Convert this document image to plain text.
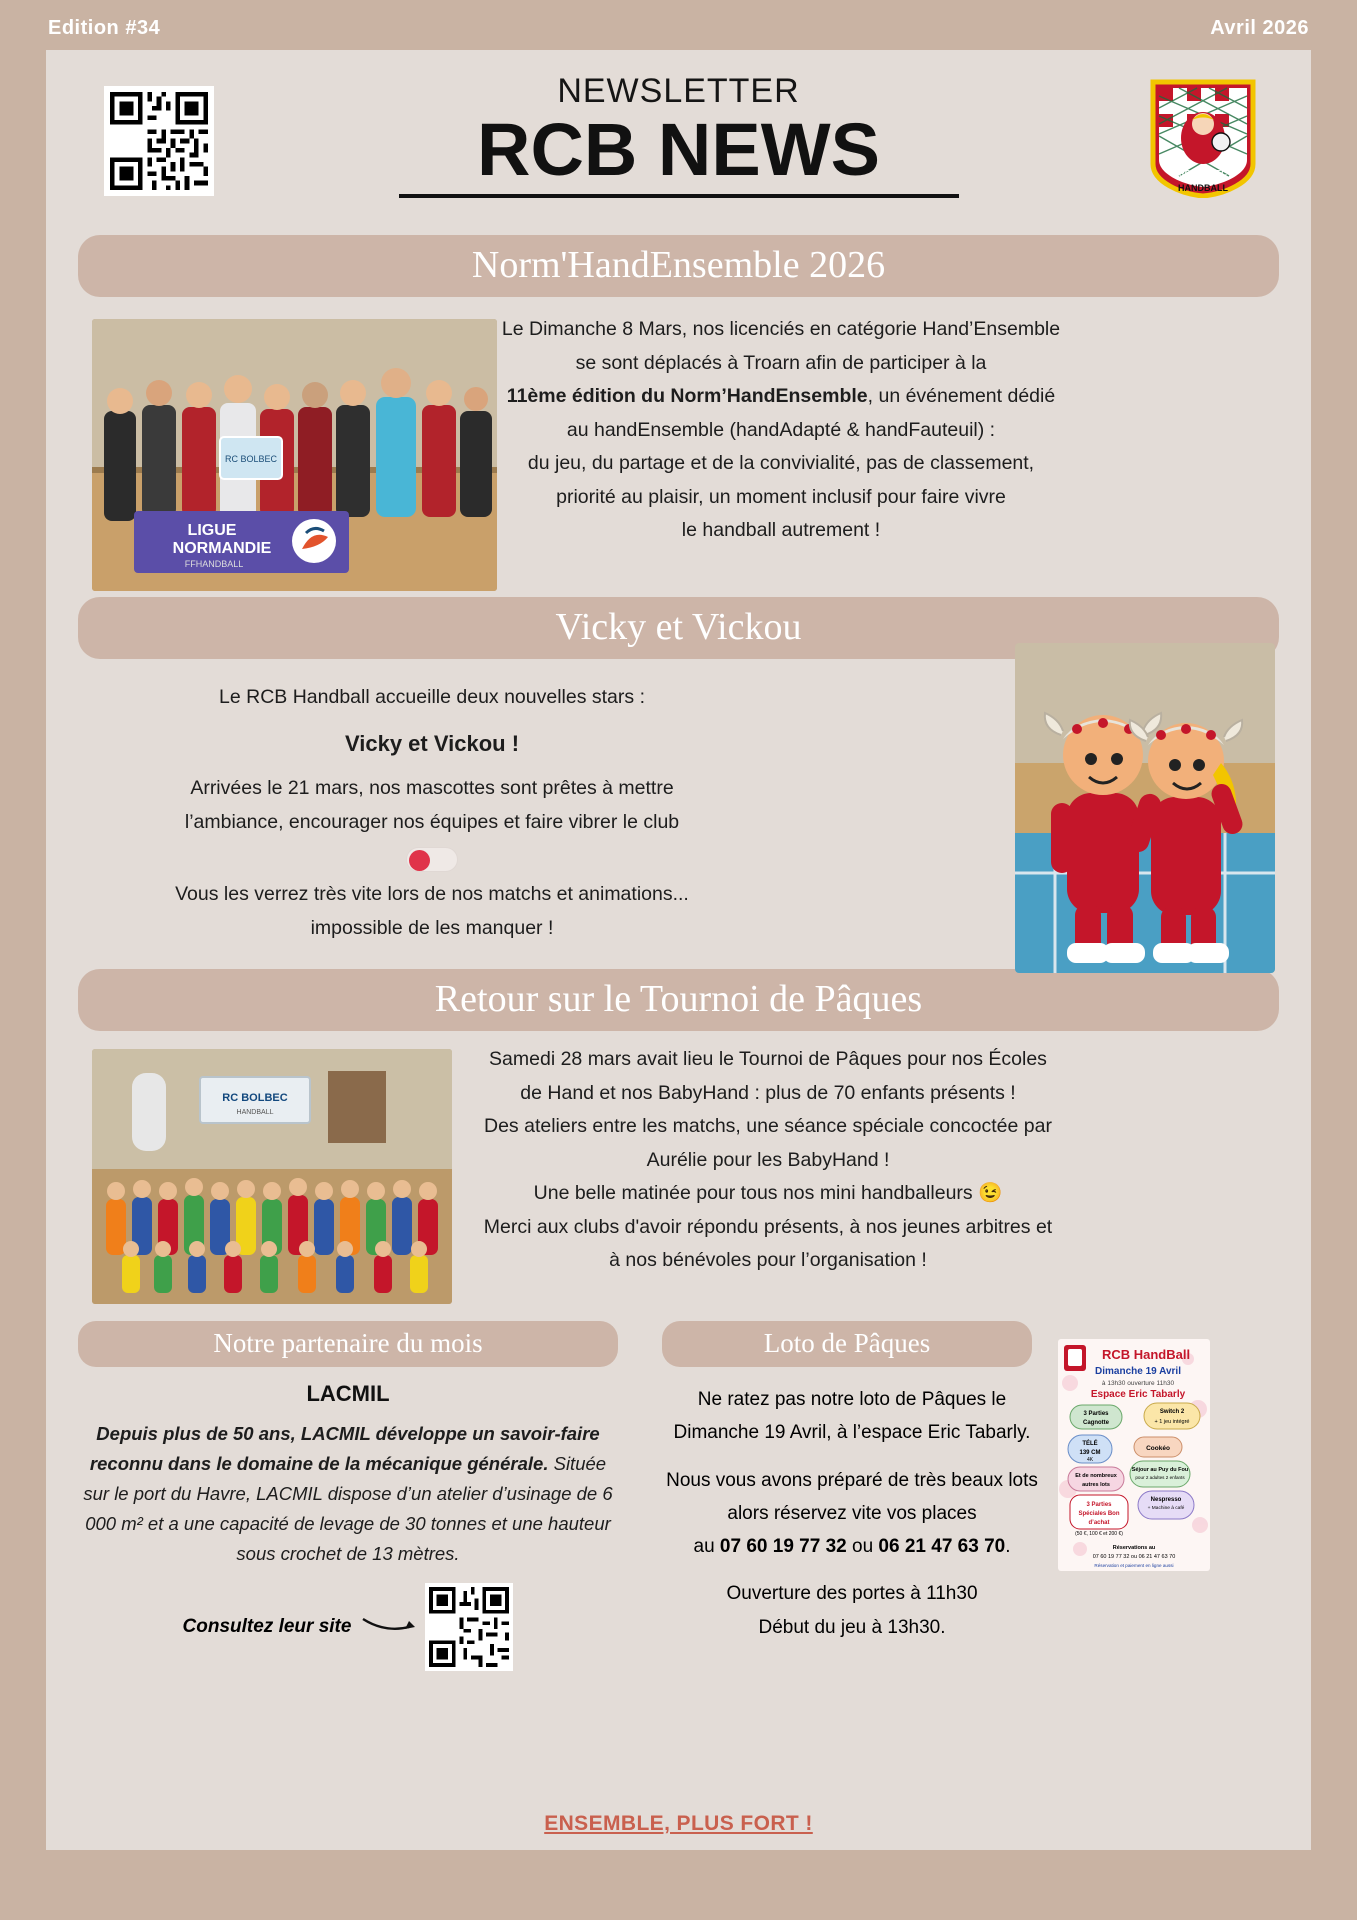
Edition #34	Avril 2026
NEWSLETTER
RCB NEWS	RC-BOLBEC
HANDBALL
Norm'HandEnsemble 2026
RC BOLBEC
LIGUE
NORMANDIE
FFHANDBALL
Le Dimanche 8 Mars, nos licenciés en catégorie Hand’Ensemble
se sont déplacés à Troarn afin de participer à la
11ème édition du Norm’HandEnsemble, un événement dédié
au handEnsemble (handAdapté & handFauteuil) :
du jeu, du partage et de la convivialité, pas de classement,
priorité au plaisir, un moment inclusif pour faire vivre
le handball autrement !
Vicky et Vickou
Le RCB Handball accueille deux nouvelles stars :
Vicky et Vickou !
Arrivées le 21 mars, nos mascottes sont prêtes à mettre
l’ambiance, encourager nos équipes et faire vibrer le club
Vous les verrez très vite lors de nos matchs et animations...
impossible de les manquer !
Retour sur le Tournoi de Pâques
RC BOLBEC
HANDBALL
Samedi 28 mars avait lieu le Tournoi de Pâques pour nos Écoles
de Hand et nos BabyHand : plus de 70 enfants présents !
Des ateliers entre les matchs, une séance spéciale concoctée par
Aurélie pour les BabyHand !
Une belle matinée pour tous nos mini handballeurs 😉
Merci aux clubs d'avoir répondu présents, à nos jeunes arbitres et
à nos bénévoles pour l’organisation !
Notre partenaire du mois
LACMIL
Depuis plus de 50 ans, LACMIL développe un savoir-faire reconnu dans le domaine de la mécanique générale. Située sur le port du Havre, LACMIL dispose d’un atelier d’usinage de 6 000 m² et a une capacité de levage de 30 tonnes et une hauteur sous crochet de 13 mètres.
Consultez leur site
Loto de Pâques
Ne ratez pas notre loto de Pâques le
Dimanche 19 Avril, à l’espace Eric Tabarly.
Nous vous avons préparé de très beaux lots
alors réservez vite vos places
au 07 60 19 77 32 ou 06 21 47 63 70.
Ouverture des portes à 11h30
Début du jeu à 13h30.
RCB HandBall
Dimanche 19 Avril
à 13h30 ouverture 11h30
Espace Eric Tabarly
3 Parties
Cagnotte
Switch 2
+ 1 jeu intégré
TÉLÉ
139 CM
4K
Cookéo
Séjour au Puy du Fou
pour 2 adultes 2 enfants
Et de nombreux
autres lots
Nespresso
+ Machine à café
3 Parties
Spéciales Bon
d’achat
(50 €, 100 € et 200 €)
Réservations au
07 60 19 77 32 ou 06 21 47 63 70
Réservation et paiement en ligne aussi
ENSEMBLE, PLUS FORT !
